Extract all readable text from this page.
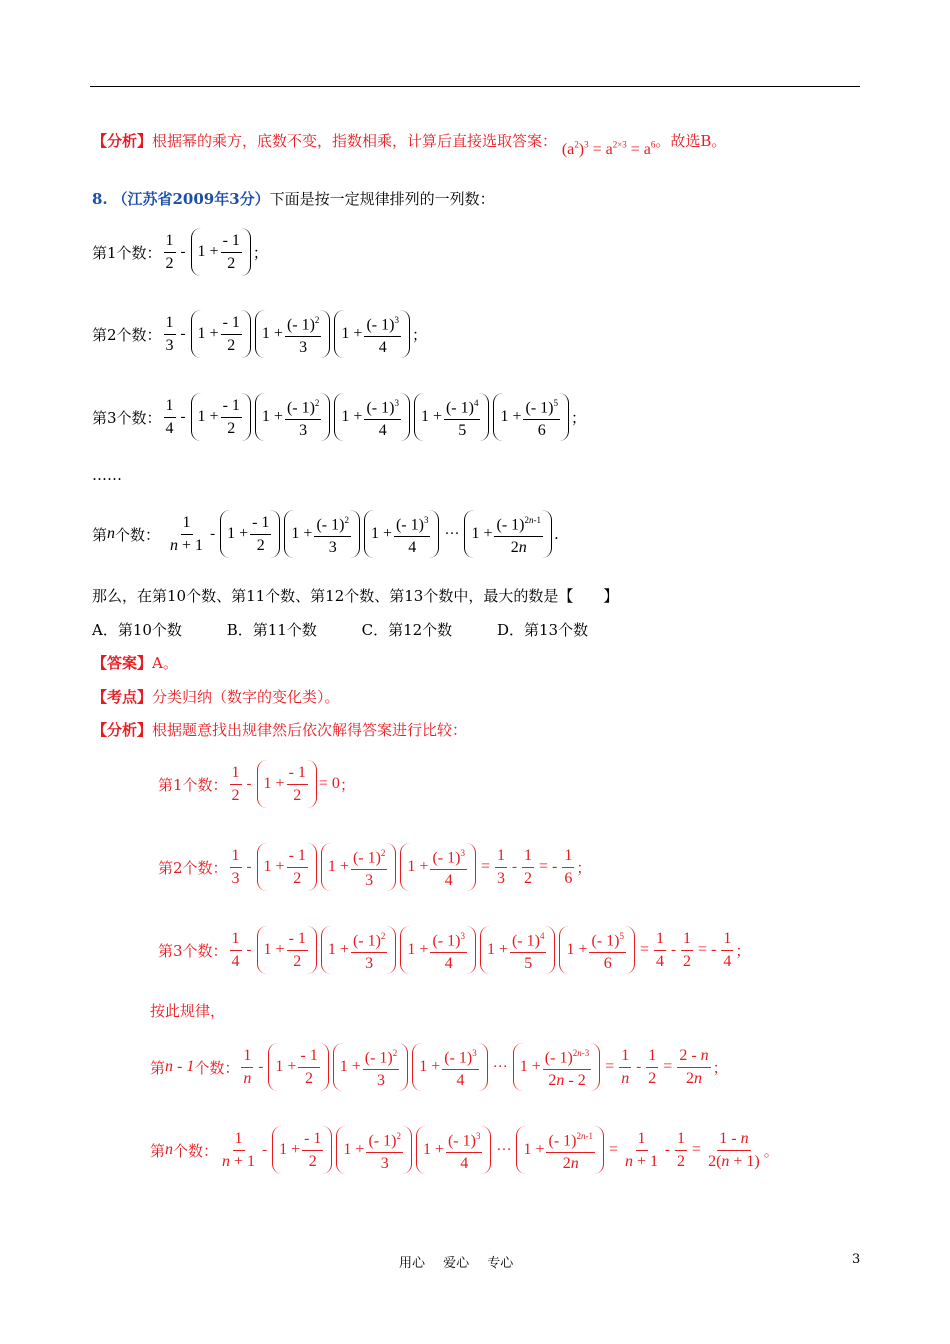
【分析】根据幂的乘方，底数不变，指数相乘，计算后直接选取答案： $(a^2)^3 = a^{2\times 3} = a^6$。故选B。
8. （江苏省2009年3分）下面是按一定规律排列的一列数：
第1个数： $\frac{1}{2} - 1 + \frac{- 1}{2}$ ；
第2个数： $\frac{1}{3} - 1 + \frac{- 1}{2} 1 + \frac{(- 1)^2}{3} 1 + \frac{(- 1)^3}{4}$ ；
第3个数： $\frac{1}{4} - 1 + \frac{- 1}{2} 1 + \frac{(- 1)^2}{3} 1 + \frac{(- 1)^3}{4} 1 + \frac{(- 1)^4}{5} 1 + \frac{(- 1)^5}{6}$ ；
……
第 n 个数： $\frac{1}{n + 1} - 1 + \frac{- 1}{2} 1 + \frac{(- 1)^2}{3} 1 + \frac{(- 1)^3}{4}$ ··· $1 + \frac{(- 1)^{2n-1}}{2n}$ .
那么，在第10个数、第11个数、第12个数、第13个数中，最大的数是【　　】
A．第10个数	B．第11个数	C．第12个数	D．第13个数
【答案】A。
【考点】分类归纳（数字的变化类）。
【分析】根据题意找出规律然后依次解得答案进行比较：
第1个数： $\frac{1}{2} - 1 + \frac{- 1}{2} = 0$ ；
第2个数： $\frac{1}{3} - 1 + \frac{- 1}{2} 1 + \frac{(- 1)^2}{3} 1 + \frac{(- 1)^3}{4} = \frac{1}{3} - \frac{1}{2}$ = - $\frac{1}{6}$ ；
第3个数： $\frac{1}{4} - 1 + \frac{- 1}{2} 1 + \frac{(- 1)^2}{3} 1 + \frac{(- 1)^3}{4} 1 + \frac{(- 1)^4}{5} 1 + \frac{(- 1)^5}{6} = \frac{1}{4} - \frac{1}{2}$ = - $\frac{1}{4}$ ；
按此规律，
第 n - 1 个数： $\frac{1}{n} - 1 + \frac{- 1}{2} 1 + \frac{(- 1)^2}{3} 1 + \frac{(- 1)^3}{4}$ ··· $1 + \frac{(- 1)^{2n-3}}{2n - 2} = \frac{1}{n} - \frac{1}{2} = \frac{2 - n}{2n}$ ；
第 n 个数： $\frac{1}{n + 1} - 1 + \frac{- 1}{2} 1 + \frac{(- 1)^2}{3} 1 + \frac{(- 1)^3}{4}$ ··· $1 + \frac{(- 1)^{2n-1}}{2n} = \frac{1}{n + 1} - \frac{1}{2} = \frac{1 - n}{2(n + 1)}$ 。
用心 爱心 专心	3
